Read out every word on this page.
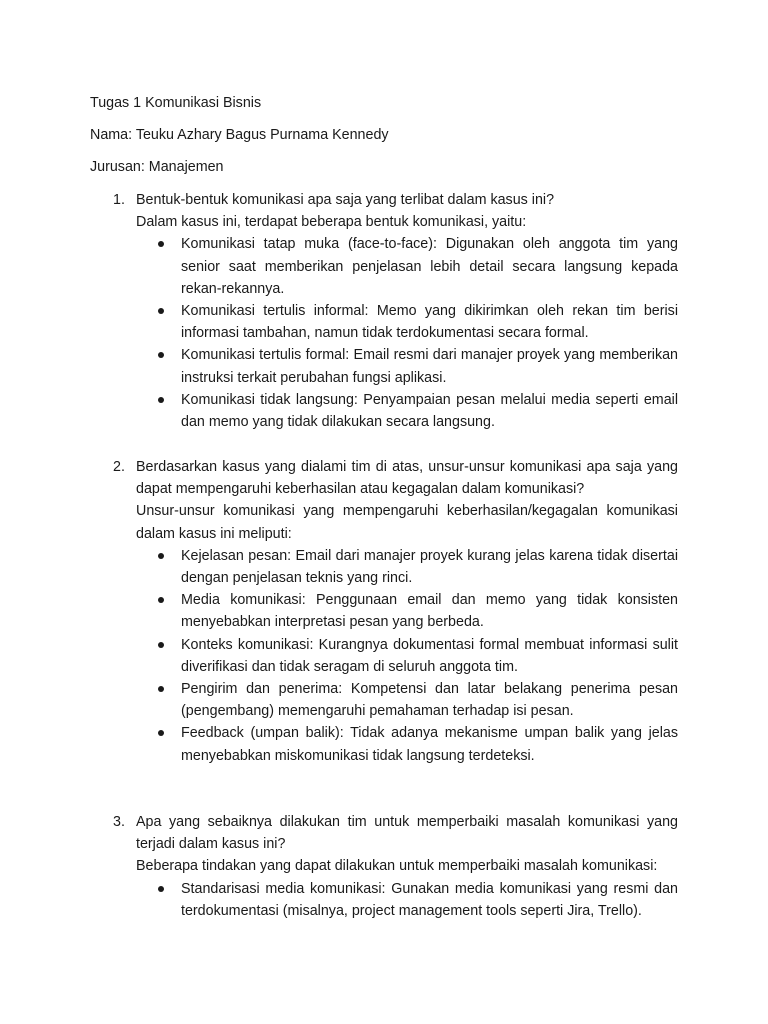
Tugas 1 Komunikasi Bisnis
Nama: Teuku Azhary Bagus Purnama Kennedy
Jurusan: Manajemen
1. Bentuk-bentuk komunikasi apa saja yang terlibat dalam kasus ini?
Dalam kasus ini, terdapat beberapa bentuk komunikasi, yaitu:
Komunikasi tatap muka (face-to-face): Digunakan oleh anggota tim yang senior saat memberikan penjelasan lebih detail secara langsung kepada rekan-rekannya.
Komunikasi tertulis informal: Memo yang dikirimkan oleh rekan tim berisi informasi tambahan, namun tidak terdokumentasi secara formal.
Komunikasi tertulis formal: Email resmi dari manajer proyek yang memberikan instruksi terkait perubahan fungsi aplikasi.
Komunikasi tidak langsung: Penyampaian pesan melalui media seperti email dan memo yang tidak dilakukan secara langsung.
2. Berdasarkan kasus yang dialami tim di atas, unsur-unsur komunikasi apa saja yang dapat mempengaruhi keberhasilan atau kegagalan dalam komunikasi?
Unsur-unsur komunikasi yang mempengaruhi keberhasilan/kegagalan komunikasi dalam kasus ini meliputi:
Kejelasan pesan: Email dari manajer proyek kurang jelas karena tidak disertai dengan penjelasan teknis yang rinci.
Media komunikasi: Penggunaan email dan memo yang tidak konsisten menyebabkan interpretasi pesan yang berbeda.
Konteks komunikasi: Kurangnya dokumentasi formal membuat informasi sulit diverifikasi dan tidak seragam di seluruh anggota tim.
Pengirim dan penerima: Kompetensi dan latar belakang penerima pesan (pengembang) memengaruhi pemahaman terhadap isi pesan.
Feedback (umpan balik): Tidak adanya mekanisme umpan balik yang jelas menyebabkan miskomunikasi tidak langsung terdeteksi.
3. Apa yang sebaiknya dilakukan tim untuk memperbaiki masalah komunikasi yang terjadi dalam kasus ini?
Beberapa tindakan yang dapat dilakukan untuk memperbaiki masalah komunikasi:
Standarisasi media komunikasi: Gunakan media komunikasi yang resmi dan terdokumentasi (misalnya, project management tools seperti Jira, Trello).
